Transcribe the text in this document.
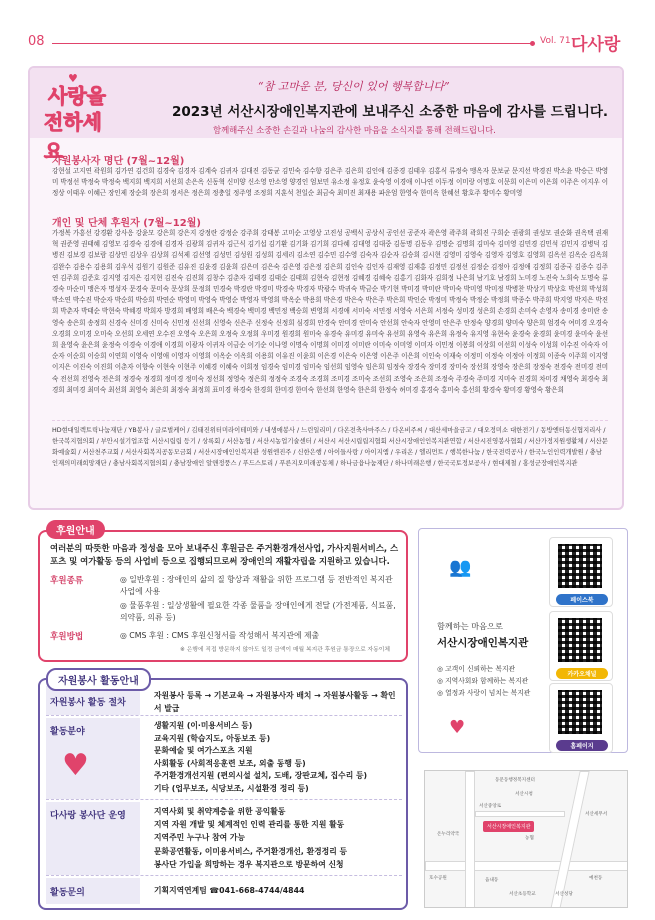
08	Vol. 71 다사랑
♥
사랑을
전하세요
“참 고마운 분, 당신이 있어 행복합니다”
2023년 서산시장애인복지관에 보내주신 소중한 마음에 감사를 드립니다.
함께해주신 소중한 손길과 나눔의 감사한 마음을 소식지를 통해 전해드립니다.
자원봉사자 명단 (7월~12월)
강현설 고지연 곽원희 김가연 김건희 김경숙 김경자 김계숙 김귀자 김대진 김동균 김민숙 김수향 김은주 김은희 김인애 김종경 김태우 김홍식 류정숙 맹옥자 문보균 문지선 박경진 박소윤 박승근 박영미 박정선 박정숙 박정숙 백지희 백지희 서선희 손은옥 신동혁 신미양 신소영 안소영 양경인 엄보민 유소정 유정호 윤숙영 이경애 이나연 이두정 이미랑 이명호 이문희 이은미 이은희 이주은 이지우 이정상 이태우 이혜근 장인제 장순희 장은희 정서은 정은희 정충일 정주영 조정희 지훈석 천일순 최금숙 최미진 최재용 파운엄 한영숙 한미옥 한혜선 황호주 황미수 황미영
개인 및 단체 후원자 (7월~12월)
가정복 가흥선 강경환 강사응 강윤모 강은희 강은지 강정란 강정순 강주희 강태봉 고미순 고영상 고진성 공백식 공상식 공인선 공준자 곽은영 곽주희 곽희진 구희순 권광희 권성모 권순화 권옥택 권재혁 권준영 권태혜 김영모 김경숙 김경애 김경자 김광희 김귀자 김근식 김기섭 김기환 김기화 김기희 김다혜 김대영 김대중 김동명 김동우 김명순 김명희 김미숙 김미영 김민경 김민석 김민지 김병덕 김병진 김보경 김보람 김상민 김상우 김상희 김석제 김선영 김성민 김성원 김성희 김세리 김소연 김수민 김수영 김숙자 김순자 김승희 김시현 김영미 김영숙 김영자 김영호 김영희 김옥선 김옥순 김옥희 김완수 김용수 김용희 김우석 김원기 김원준 김유진 김윤경 김윤희 김은미 김은숙 김은영 김은정 김은희 김인숙 김인자 김재영 김재홍 김정민 김정선 김정순 김정아 김정애 김정희 김종국 김종수 김주연 김주희 김준호 김지영 김지은 김지현 김진숙 김진희 김창수 김춘자 김태경 김태순 김태희 김현숙 김현정 김혜경 김혜숙 김홍기 김화자 김희정 나은희 남기호 남경희 노미경 노진숙 노희숙 도명숙 류경숙 마순미 맹은자 명성자 문경숙 문미숙 문상희 문정희 민경숙 박경란 박경미 박경숙 박경자 박광수 박귀숙 박금순 박기현 박미경 박미란 박미숙 박미영 박미정 박병찬 박상기 박상호 박선희 박성희 박소연 박수진 박순자 박순희 박승희 박연순 박영미 박영숙 박영순 박영자 박영희 박옥순 박용희 박은경 박은숙 박은주 박은희 박인순 박정미 박정숙 박정순 박정희 박종수 박주희 박지영 박지은 박진희 박춘자 박태순 박현숙 박혜경 박희자 방경희 배영희 배은숙 백경숙 백미경 백민정 백승희 변영희 서경애 서미숙 서민정 서영숙 서은희 서정숙 성미경 성은희 손경희 손미숙 손영자 송미경 송미란 송영숙 송은희 송정희 신경숙 신미경 신미숙 신민정 신선희 신영숙 신은주 신정숙 신정희 심경희 안경숙 안미경 안미숙 안선희 안숙자 안영미 안은주 안정숙 양경희 양미숙 양은희 엄경숙 여미경 오경숙 오경희 오미경 오미숙 오선희 오세연 오수진 오영숙 오은희 오정숙 오정희 우미경 원경희 원미숙 유경숙 유미경 유미숙 유선희 유영숙 유은희 유정숙 유지영 유현숙 윤경숙 윤경희 윤미경 윤미숙 윤선희 윤영숙 윤은희 윤정숙 이경숙 이경애 이경희 이광자 이귀자 이금순 이기순 이나영 이명숙 이명희 이미경 이미란 이미숙 이미영 이미자 이민정 이봉희 이상희 이선희 이성숙 이성희 이수진 이숙자 이순자 이순희 이승희 이연희 이영숙 이영애 이영자 이영희 이옥순 이옥희 이용희 이유진 이윤희 이은경 이은숙 이은영 이은주 이은희 이인숙 이재숙 이정미 이정숙 이정아 이정희 이종숙 이주희 이지영 이지은 이진숙 이진희 이춘자 이향숙 이현숙 이현주 이혜경 이혜숙 이희정 임경숙 임미경 임미숙 임선희 임영숙 임은희 임정숙 장경숙 장미경 장미숙 장선희 장영숙 장은희 장정숙 전경숙 전미경 전미숙 전선희 전영숙 전은희 정경숙 정경희 정미경 정미숙 정선희 정영숙 정은희 정정숙 조경숙 조경희 조미경 조미숙 조선희 조영숙 조은희 조정숙 주경숙 주미경 지미숙 진경희 차미경 채영숙 최경숙 최경희 최미경 최미숙 최선희 최영숙 최은희 최정숙 최정희 표미경 하경숙 한경희 한미경 한미숙 한선희 한영숙 한은희 한정숙 허미경 홍경숙 홍미숙 홍선희 황경숙 황미경 황영숙 황은희
HD현대일렉트릭나눔재단 / YB봉사 / 글로벌케어 / 김태진위터미라이테미와 / 내생애봉사 / 느린일리미 / 다온전축사마주스 / 다온비주씨 / 대산세마을금고 / 대오정미소 대한전기 / 동방엔터동신협지리사 / 한국복지협의회 / 부안시설기업조합 서산시립립 등기 / 상록회 / 서산농협 / 서산시농업기술센터 / 서산시 서산시립립지협회 서산시장애인인복지관연합 / 서산시진영봉사협회 / 서산가정지원생활체 / 서산문화예술회 / 서산천주교회 / 서산사회복지공동모금회 / 서산시장애인인복지관 성원엔진주 / 신한은행 / 아이들사랑 / 아이지엠 / 우리온 / 엘리먼트 / 행복한나눔 / 한국전력공사 / 한국노인인력개발원 / 충남인재의미래희망재단 / 충남사회복지협의회 / 충남장애인 알앤정풍스 / 푸드스토리 / 푸른지오미래공동체 / 하나금융나눔재단 / 하나미래은행 / 한국국토정보공사 / 현대제철 / 홍성군장애인복지관
여러분의 따뜻한 마음과 정성을 모아 보내주신 후원금은 주거환경개선사업, 가사지원서비스, 스포츠 및 여가활동 등의 사업비 등으로 집행되므로써 장애인의 재활자립을 지원하고 있습니다.
후원종류	◎ 일반후원 : 장애인의 삶의 질 향상과 재활을 위한 프로그램 등 전반적인 복지관 사업에 사용
◎ 물품후원 : 일상생활에 필요한 각종 물품을 장애인에게 전달 (가전제품, 식료품, 의약품, 의류 등)
후원방법	◎ CMS 후원 : CMS 후원신청서를 작성해서 복지관에 제출
※ 은행에 직접 방문하지 않아도 일정 금액이 매월 복지관 후원금 통장으로 자동이체
후원안내
자원봉사 활동 절차
자원봉사 등록 → 기본교육 → 자원봉사자 배치 → 자원봉사활동 → 확인서 발급
활동분야
♥
생활지원 (이·미용서비스 등)
교육지원 (학습지도, 아동보조 등)
문화예술 및 여가스포츠 지원
사회활동 (사회적응훈련 보조, 외출 동행 등)
주거환경개선지원 (편의시설 설치, 도배, 장판교체, 집수리 등)
기타 (업무보조, 식당보조, 시설환경 정리 등)
다사랑 봉사단 운영	지역사회 및 취약계층을 위한 공익활동
지역 자원 개발 및 체계적인 인력 관리를 통한 지원 활동
지역주민 누구나 참여 가능
문화공연활동, 이미용서비스, 주거환경개선, 환경정리 등
봉사단 가입을 희망하는 경우 복지관으로 방문하여 신청
활동문의	기획지역연계팀 ☎041-668-4744/4844
자원봉사 활동안내
👥
함께하는 마음으로
서산시장애인복지관
◎ 고객이 신뢰하는 복지관
◎ 지역사회와 함께하는 복지관
◎ 열정과 사랑이 넘치는 복지관
♥
페이스북
카카오채널
홈페이지
동문동행정복지센터
서산시청
서산중앙로
온누리약국
서산세무서
호수공원
농협
서산초등학교	서산성당
읍내동	예천동
서산시장애인복지관
